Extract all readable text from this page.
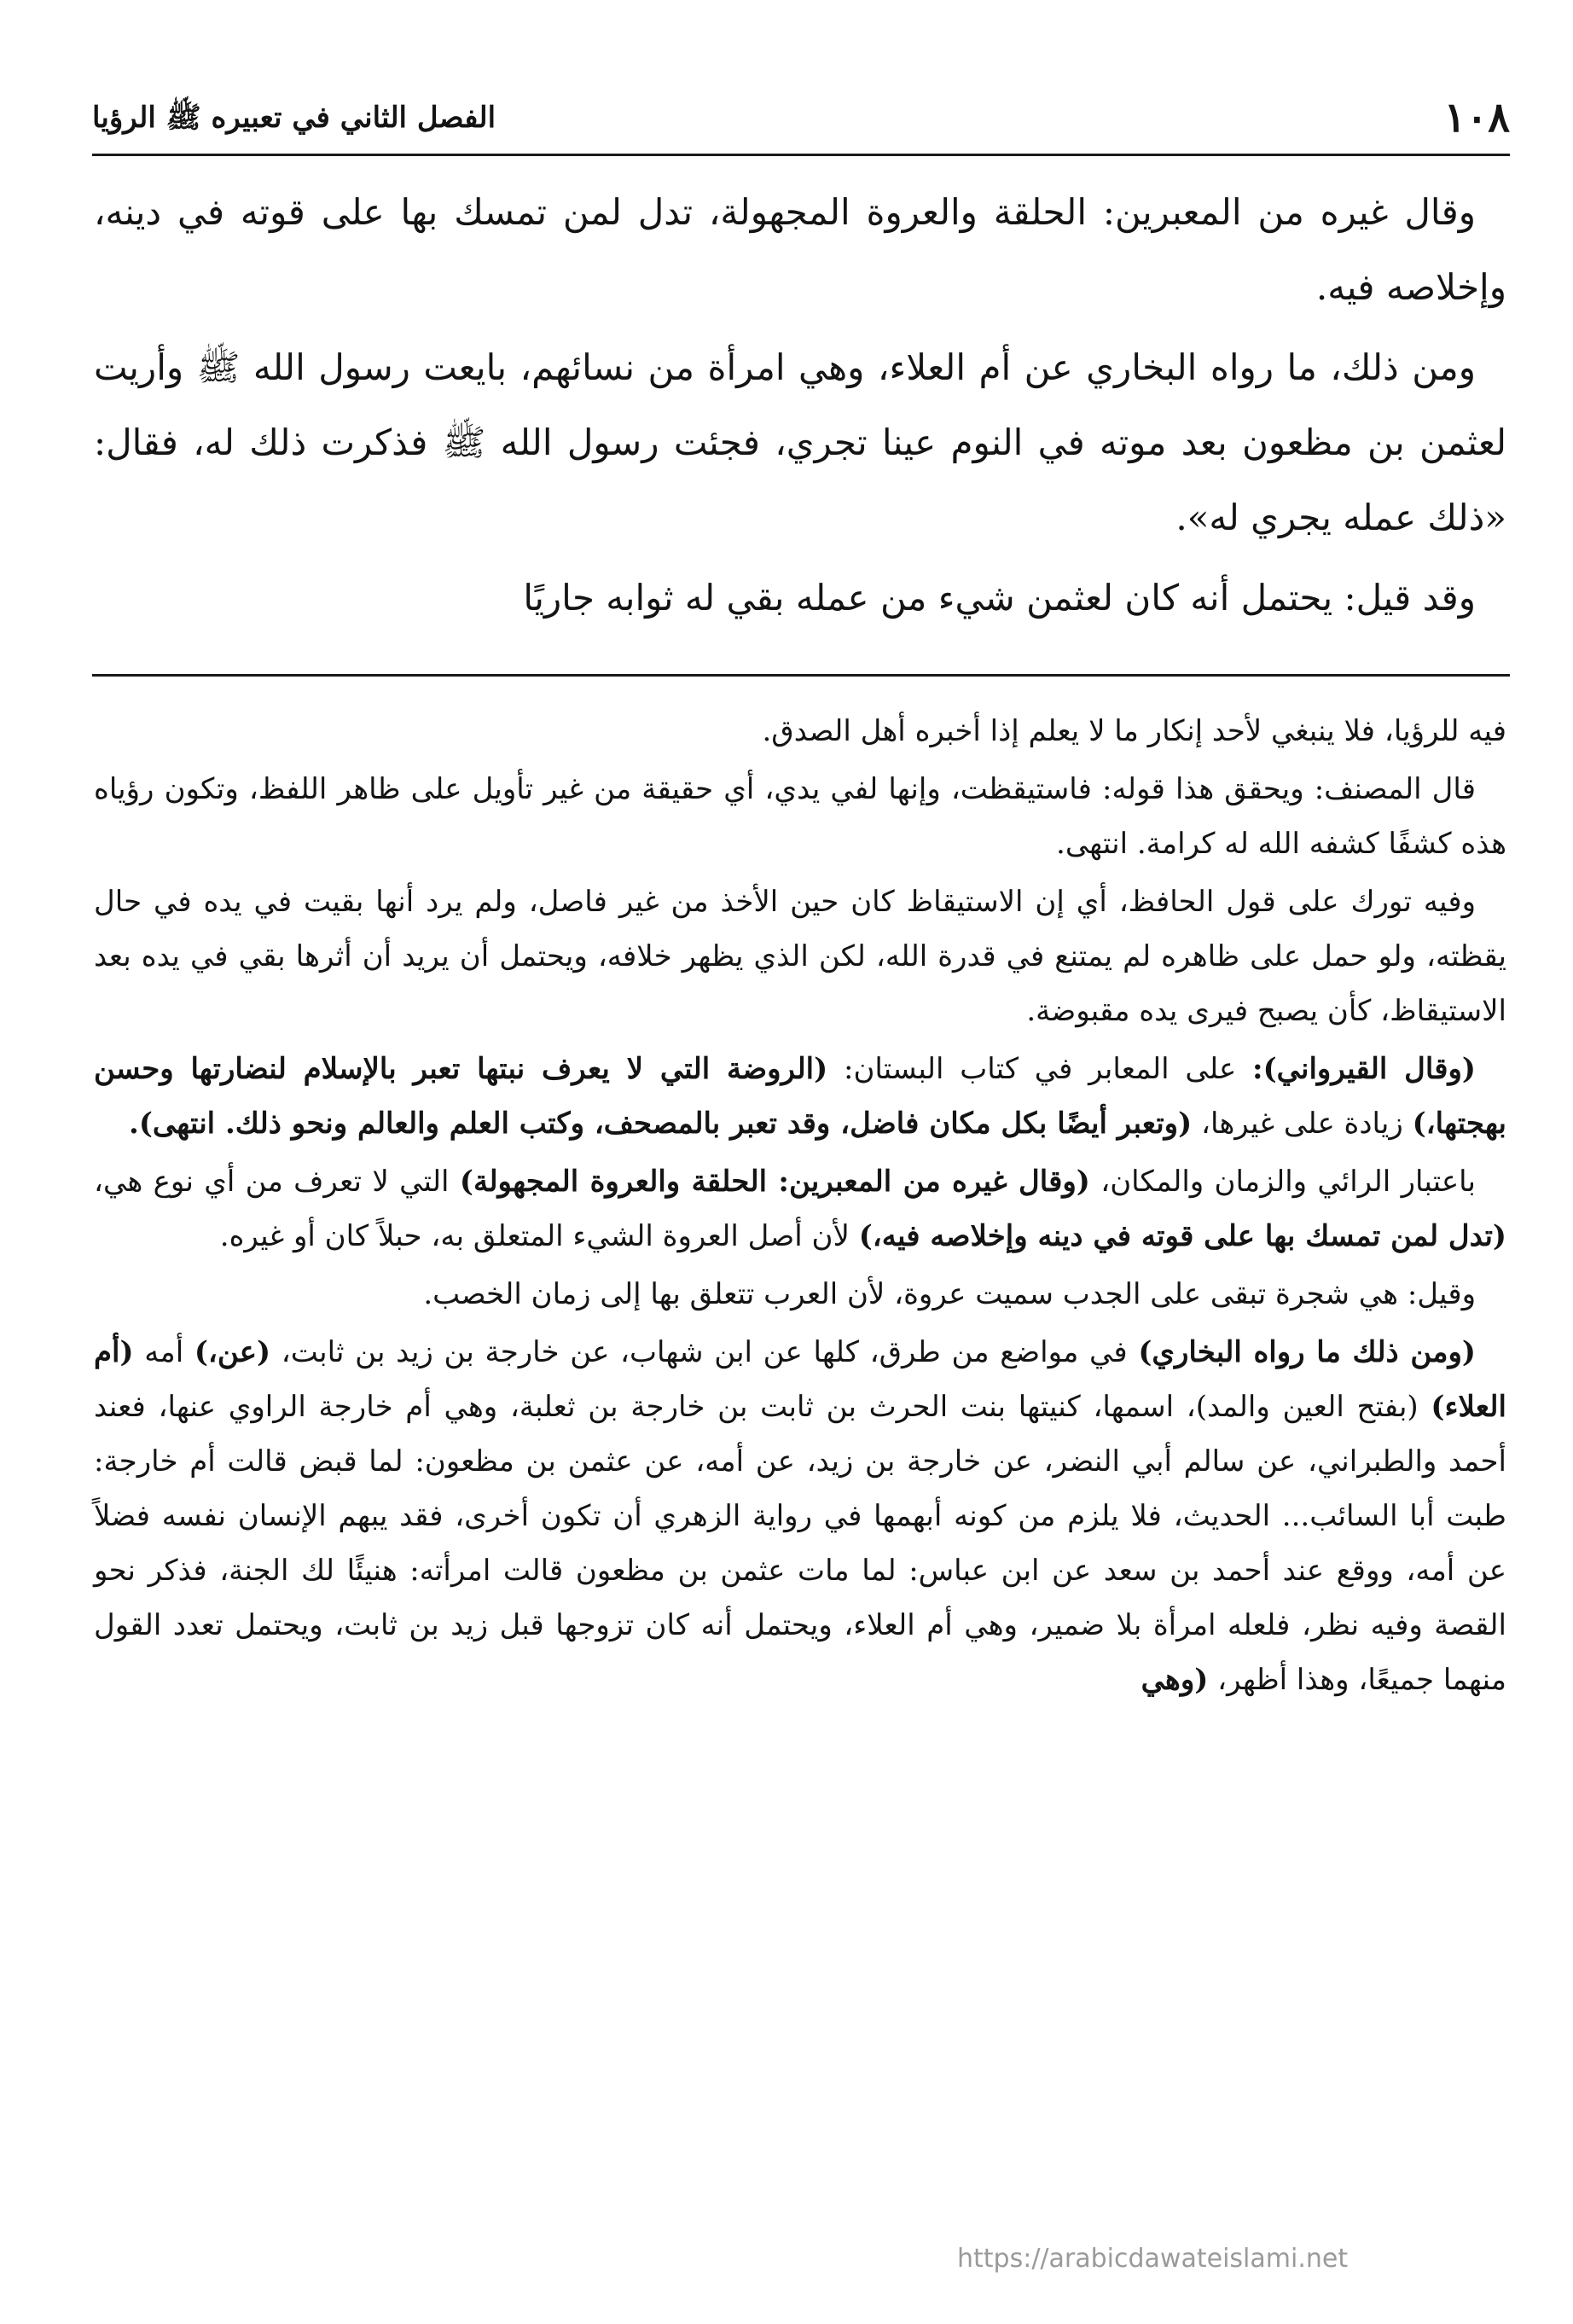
١٠٨
الفصل الثاني في تعبيره ﷺ الرؤيا

وقال غيره من المعبرين: الحلقة والعروة المجهولة، تدل لمن تمسك بها على قوته في دينه، وإخلاصه فيه.

ومن ذلك، ما رواه البخاري عن أم العلاء، وهي امرأة من نسائهم، بايعت رسول الله ﷺ وأريت لعثمن بن مظعون بعد موته في النوم عينا تجري، فجئت رسول الله ﷺ فذكرت ذلك له، فقال: «ذلك عمله يجري له».

وقد قيل: يحتمل أنه كان لعثمن شيء من عمله بقي له ثوابه جاريًا

فيه للرؤيا، فلا ينبغي لأحد إنكار ما لا يعلم إذا أخبره أهل الصدق.

قال المصنف: ويحقق هذا قوله: فاستيقظت، وإنها لفي يدي، أي حقيقة من غير تأويل على ظاهر اللفظ، وتكون رؤياه هذه كشفًا كشفه الله له كرامة. انتهى.

وفيه تورك على قول الحافظ، أي إن الاستيقاظ كان حين الأخذ من غير فاصل، ولم يرد أنها بقيت في يده في حال يقظته، ولو حمل على ظاهره لم يمتنع في قدرة الله، لكن الذي يظهر خلافه، ويحتمل أن يريد أن أثرها بقي في يده بعد الاستيقاظ، كأن يصبح فيرى يده مقبوضة.

(وقال القيرواني): على المعابر في كتاب البستان: (الروضة التي لا يعرف نبتها تعبر بالإسلام لنضارتها وحسن بهجتها،) زيادة على غيرها، (وتعبر أيضًا بكل مكان فاضل، وقد تعبر بالمصحف، وكتب العلم والعالم ونحو ذلك. انتهى).

باعتبار الرائي والزمان والمكان، (وقال غيره من المعبرين: الحلقة والعروة المجهولة) التي لا تعرف من أي نوع هي، (تدل لمن تمسك بها على قوته في دينه وإخلاصه فيه،) لأن أصل العروة الشيء المتعلق به، حبلاً كان أو غيره.

وقيل: هي شجرة تبقى على الجدب سميت عروة، لأن العرب تتعلق بها إلى زمان الخصب.

(ومن ذلك ما رواه البخاري) في مواضع من طرق، كلها عن ابن شهاب، عن خارجة بن زيد بن ثابت، (عن،) أمه (أم العلاء) (بفتح العين والمد)، اسمها، كنيتها بنت الحرث بن ثابت بن خارجة بن ثعلبة، وهي أم خارجة الراوي عنها، فعند أحمد والطبراني، عن سالم أبي النضر، عن خارجة بن زيد، عن أمه، عن عثمن بن مظعون: لما قبض قالت أم خارجة: طبت أبا السائب... الحديث، فلا يلزم من كونه أبهمها في رواية الزهري أن تكون أخرى، فقد يبهم الإنسان نفسه فضلاً عن أمه، ووقع عند أحمد بن سعد عن ابن عباس: لما مات عثمن بن مظعون قالت امرأته: هنيئًا لك الجنة، فذكر نحو القصة وفيه نظر، فلعله امرأة بلا ضمير، وهي أم العلاء، ويحتمل أنه كان تزوجها قبل زيد بن ثابت، ويحتمل تعدد القول منهما جميعًا، وهذا أظهر، (وهي

https://arabicdawateislami.net
